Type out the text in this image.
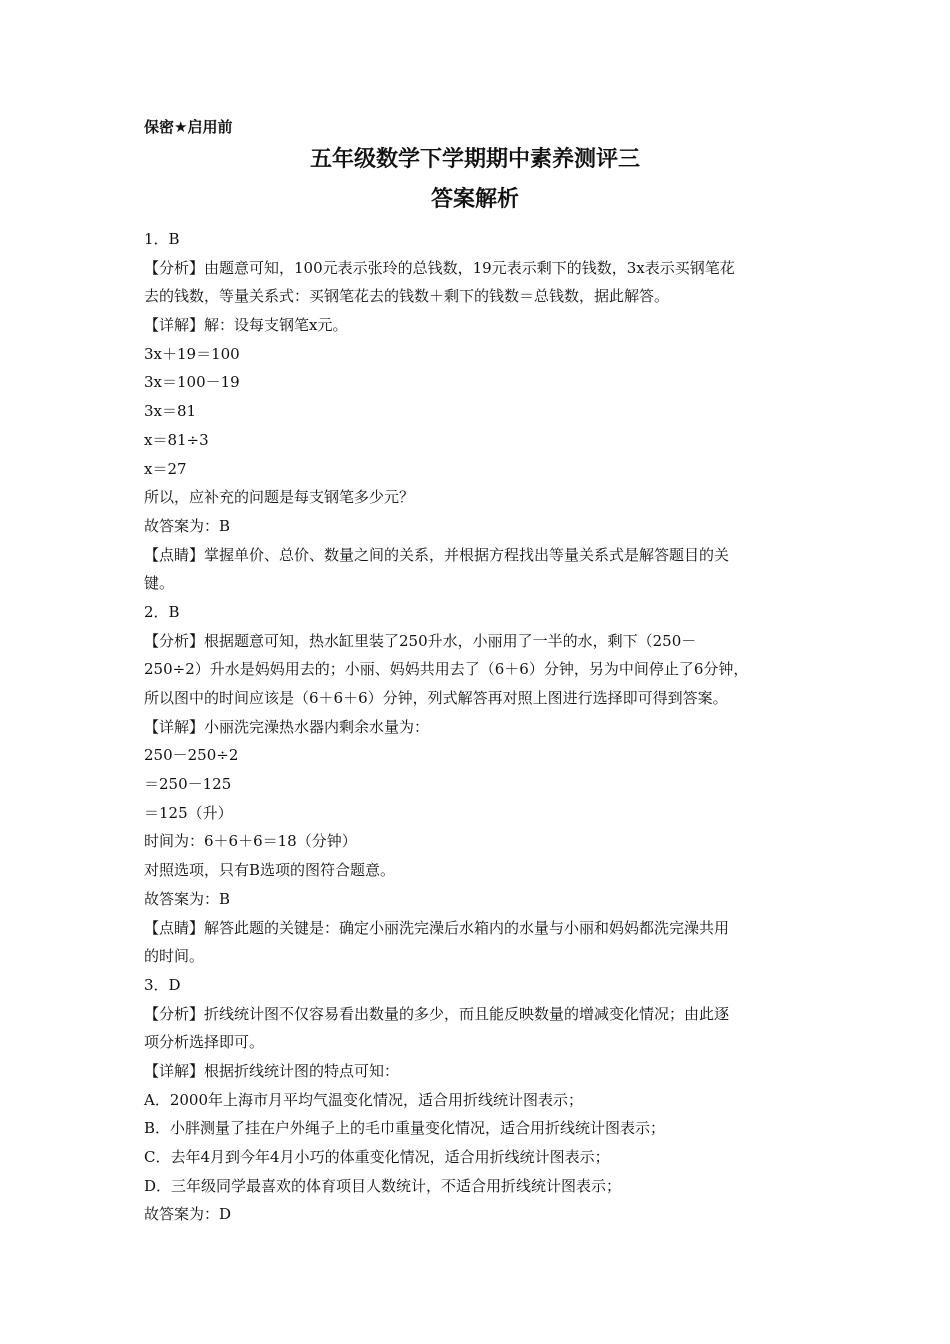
保密★启用前
五年级数学下学期期中素养测评三
答案解析
1．B
【分析】由题意可知，100元表示张玲的总钱数，19元表示剩下的钱数，3x表示买钢笔花
去的钱数，等量关系式：买钢笔花去的钱数＋剩下的钱数＝总钱数，据此解答。
【详解】解：设每支钢笔x元。
3x＋19＝100
3x＝100－19
3x＝81
x＝81÷3
x＝27
所以，应补充的问题是每支钢笔多少元？
故答案为：B
【点睛】掌握单价、总价、数量之间的关系，并根据方程找出等量关系式是解答题目的关
键。
2．B
【分析】根据题意可知，热水缸里装了250升水，小丽用了一半的水，剩下（250－
250÷2）升水是妈妈用去的；小丽、妈妈共用去了（6＋6）分钟，另为中间停止了6分钟，
所以图中的时间应该是（6＋6＋6）分钟，列式解答再对照上图进行选择即可得到答案。
【详解】小丽洗完澡热水器内剩余水量为：
250－250÷2
＝250－125
＝125（升）
时间为：6＋6＋6＝18（分钟）
对照选项，只有B选项的图符合题意。
故答案为：B
【点睛】解答此题的关键是：确定小丽洗完澡后水箱内的水量与小丽和妈妈都洗完澡共用
的时间。
3．D
【分析】折线统计图不仅容易看出数量的多少，而且能反映数量的增减变化情况；由此逐
项分析选择即可。
【详解】根据折线统计图的特点可知：
A．2000年上海市月平均气温变化情况，适合用折线统计图表示；
B．小胖测量了挂在户外绳子上的毛巾重量变化情况，适合用折线统计图表示；
C．去年4月到今年4月小巧的体重变化情况，适合用折线统计图表示；
D．三年级同学最喜欢的体育项目人数统计，不适合用折线统计图表示；
故答案为：D
